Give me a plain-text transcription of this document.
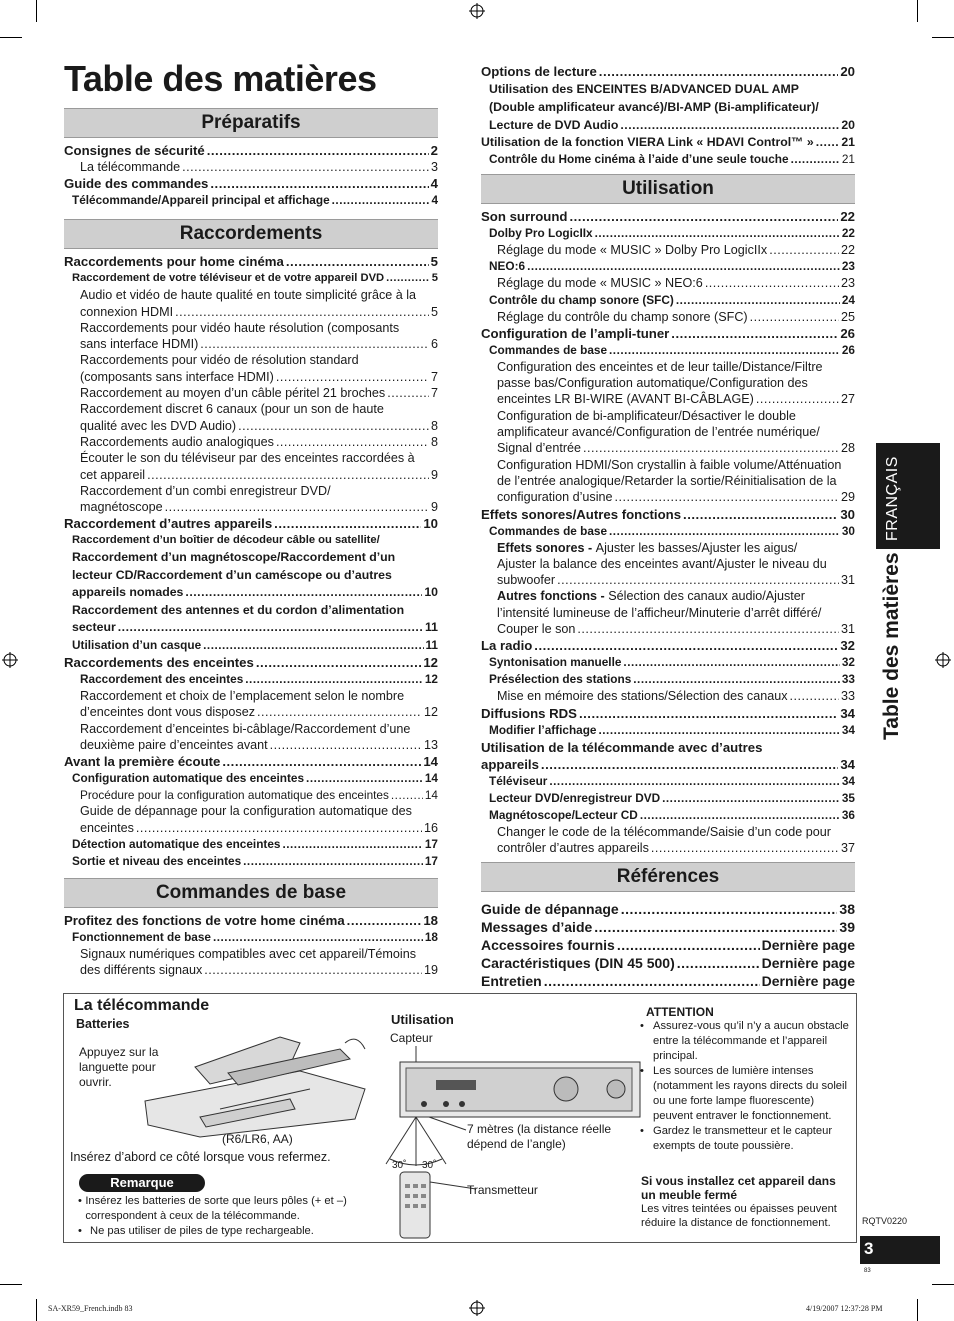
Table des matières
Préparatifs
Consignes de sécurité .....	2
La télécommande .....	3
Guide des commandes .....	4
Télécommande/Appareil principal et affichage .....	4
Raccordements
Raccordements pour home cinéma .....	5
Raccordement de votre téléviseur et de votre appareil DVD .....	5
Audio et vidéo de haute qualité en toute simplicité grâce à la
connexion HDMI .....	5
Raccordements pour vidéo haute résolution (composants
sans interface HDMI) .....	6
Raccordements pour vidéo de résolution standard
(composants sans interface HDMI) .....	7
Raccordement au moyen d’un câble péritel 21 broches .....	7
Raccordement discret 6 canaux (pour un son de haute
qualité avec les DVD Audio) .....	8
Raccordements audio analogiques .....	8
Écouter le son du téléviseur par des enceintes raccordées à
cet appareil .....	9
Raccordement d’un combi enregistreur DVD/
magnétoscope .....	9
Raccordement d’autres appareils .....	10
Raccordement d’un boîtier de décodeur câble ou satellite/
Raccordement d’un magnétoscope/Raccordement d’un
lecteur CD/Raccordement d’un caméscope ou d’autres
appareils nomades .....	10
Raccordement des antennes et du cordon d’alimentation
secteur .....	11
Utilisation d’un casque .....	11
Raccordements des enceintes .....	12
Raccordement des enceintes .....	12
Raccordement et choix de l’emplacement selon le nombre
d’enceintes dont vous disposez .....	12
Raccordement d’enceintes bi-câblage/Raccordement d’une
deuxième paire d’enceintes avant .....	13
Avant la première écoute .....	14
Configuration automatique des enceintes .....	14
Procédure pour la configuration automatique des enceintes .....	14
Guide de dépannage pour la configuration automatique des
enceintes .....	16
Détection automatique des enceintes .....	17
Sortie et niveau des enceintes .....	17
Commandes de base
Profitez des fonctions de votre home cinéma .....	18
Fonctionnement de base .....	18
Signaux numériques compatibles avec cet appareil/Témoins
des différents signaux .....	19
Options de lecture .....	20
Utilisation des ENCEINTES B/ADVANCED DUAL AMP
(Double amplificateur avancé)/BI-AMP (Bi-amplificateur)/
Lecture de DVD Audio .....	20
Utilisation de la fonction VIERA Link « HDAVI Control™ » ..... 21
Contrôle du Home cinéma à l’aide d’une seule touche .....	21
Utilisation
Son surround .....	22
Dolby Pro LogicIIx .....	22
Réglage du mode « MUSIC » Dolby Pro LogicIIx .....	22
NEO:6 .....	23
Réglage du mode « MUSIC » NEO:6 .....	23
Contrôle du champ sonore (SFC) .....	24
Réglage du contrôle du champ sonore (SFC) .....	25
Configuration de l’ampli-tuner .....	26
Commandes de base .....	26
Configuration des enceintes et de leur taille/Distance/Filtre
passe bas/Configuration automatique/Configuration des
enceintes LR BI-WIRE (AVANT BI-CÂBLAGE) .....	27
Configuration de bi-amplificateur/Désactiver le double
amplificateur avancé/Configuration de l’entrée numérique/
Signal d’entrée .....	28
Configuration HDMI/Son crystallin à faible volume/Atténuation
de l’entrée analogique/Retarder la sortie/Réinitialisation de la
configuration d’usine .....	29
Effets sonores/Autres fonctions .....	30
Commandes de base .....	30
Effets sonores - Ajuster les basses/Ajuster les aigus/
Ajuster la balance des enceintes avant/Ajuster le niveau du
subwoofer .....	31
Autres fonctions - Sélection des canaux audio/Ajuster
l’intensité lumineuse de l’afficheur/Minuterie d’arrêt différé/
Couper le son .....	31
La radio .....	32
Syntonisation manuelle .....	32
Présélection des stations .....	33
Mise en mémoire des stations/Sélection des canaux .....	33
Diffusions RDS .....	34
Modifier l’affichage .....	34
Utilisation de la télécommande avec d’autres
appareils .....	34
Téléviseur .....	34
Lecteur DVD/enregistreur DVD .....	35
Magnétoscope/Lecteur CD .....	36
Changer le code de la télécommande/Saisie d’un code pour
contrôler d’autres appareils .....	37
Références
Guide de dépannage .....	38
Messages d’aide .....	39
Accessoires fournis .....	Dernière page
Caractéristiques (DIN 45 500) .....	Dernière page
Entretien .....	Dernière page
FRANÇAIS
Table des matières
RQTV0220
3
83
La télécommande
Batteries
Appuyez sur la languette pour ouvrir.
(R6/LR6, AA)
Insérez d’abord ce côté lorsque vous refermez.
Remarque
• Insérez les batteries de sorte que leurs pôles (+ et –) correspondent à ceux de la télécommande.
• Ne pas utiliser de piles de type rechargeable.
Utilisation
Capteur
30˚ 30˚
7 mètres (la distance réelle dépend de l’angle)
Transmetteur
ATTENTION
• Assurez-vous qu’il n’y a aucun obstacle entre la télécommande et l’appareil principal.
• Les sources de lumière intenses (notamment les rayons directs du soleil ou une forte lampe fluorescente) peuvent entraver le fonctionnement.
• Gardez le transmetteur et le capteur exempts de toute poussière.
Si vous installez cet appareil dans un meuble fermé
Les vitres teintées ou épaisses peuvent réduire la distance de fonctionnement.
SA-XR59_French.indb 83	4/19/2007 12:37:28 PM
